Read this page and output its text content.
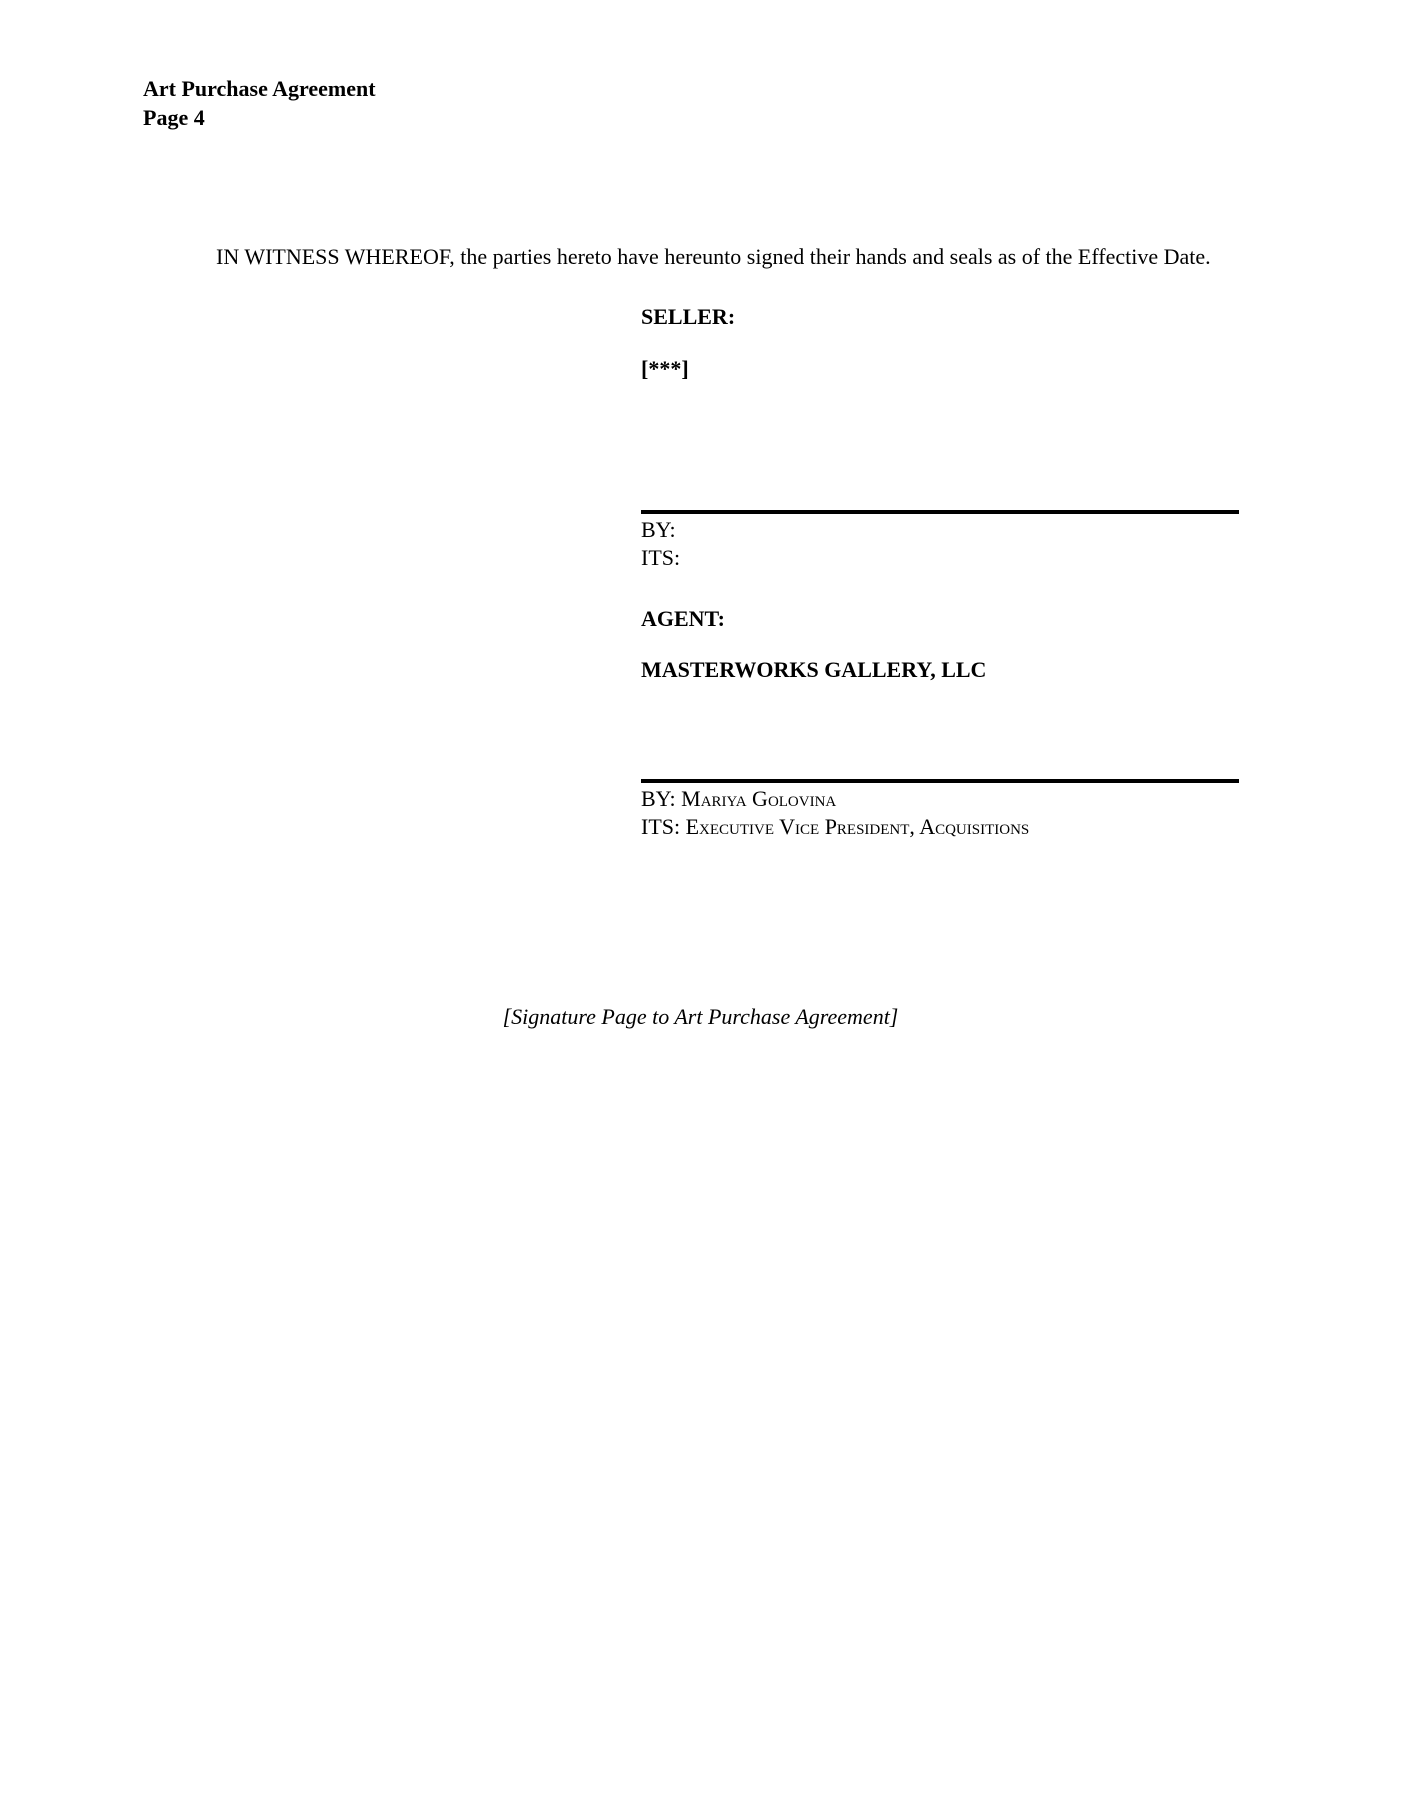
Art Purchase Agreement
Page 4

IN WITNESS WHEREOF, the parties hereto have hereunto signed their hands and seals as of the Effective Date.

SELLER:
[***]
BY:
ITS:
AGENT:
MASTERWORKS GALLERY, LLC
BY: Mariya Golovina
ITS: Executive Vice President, Acquisitions
[Signature Page to Art Purchase Agreement]
